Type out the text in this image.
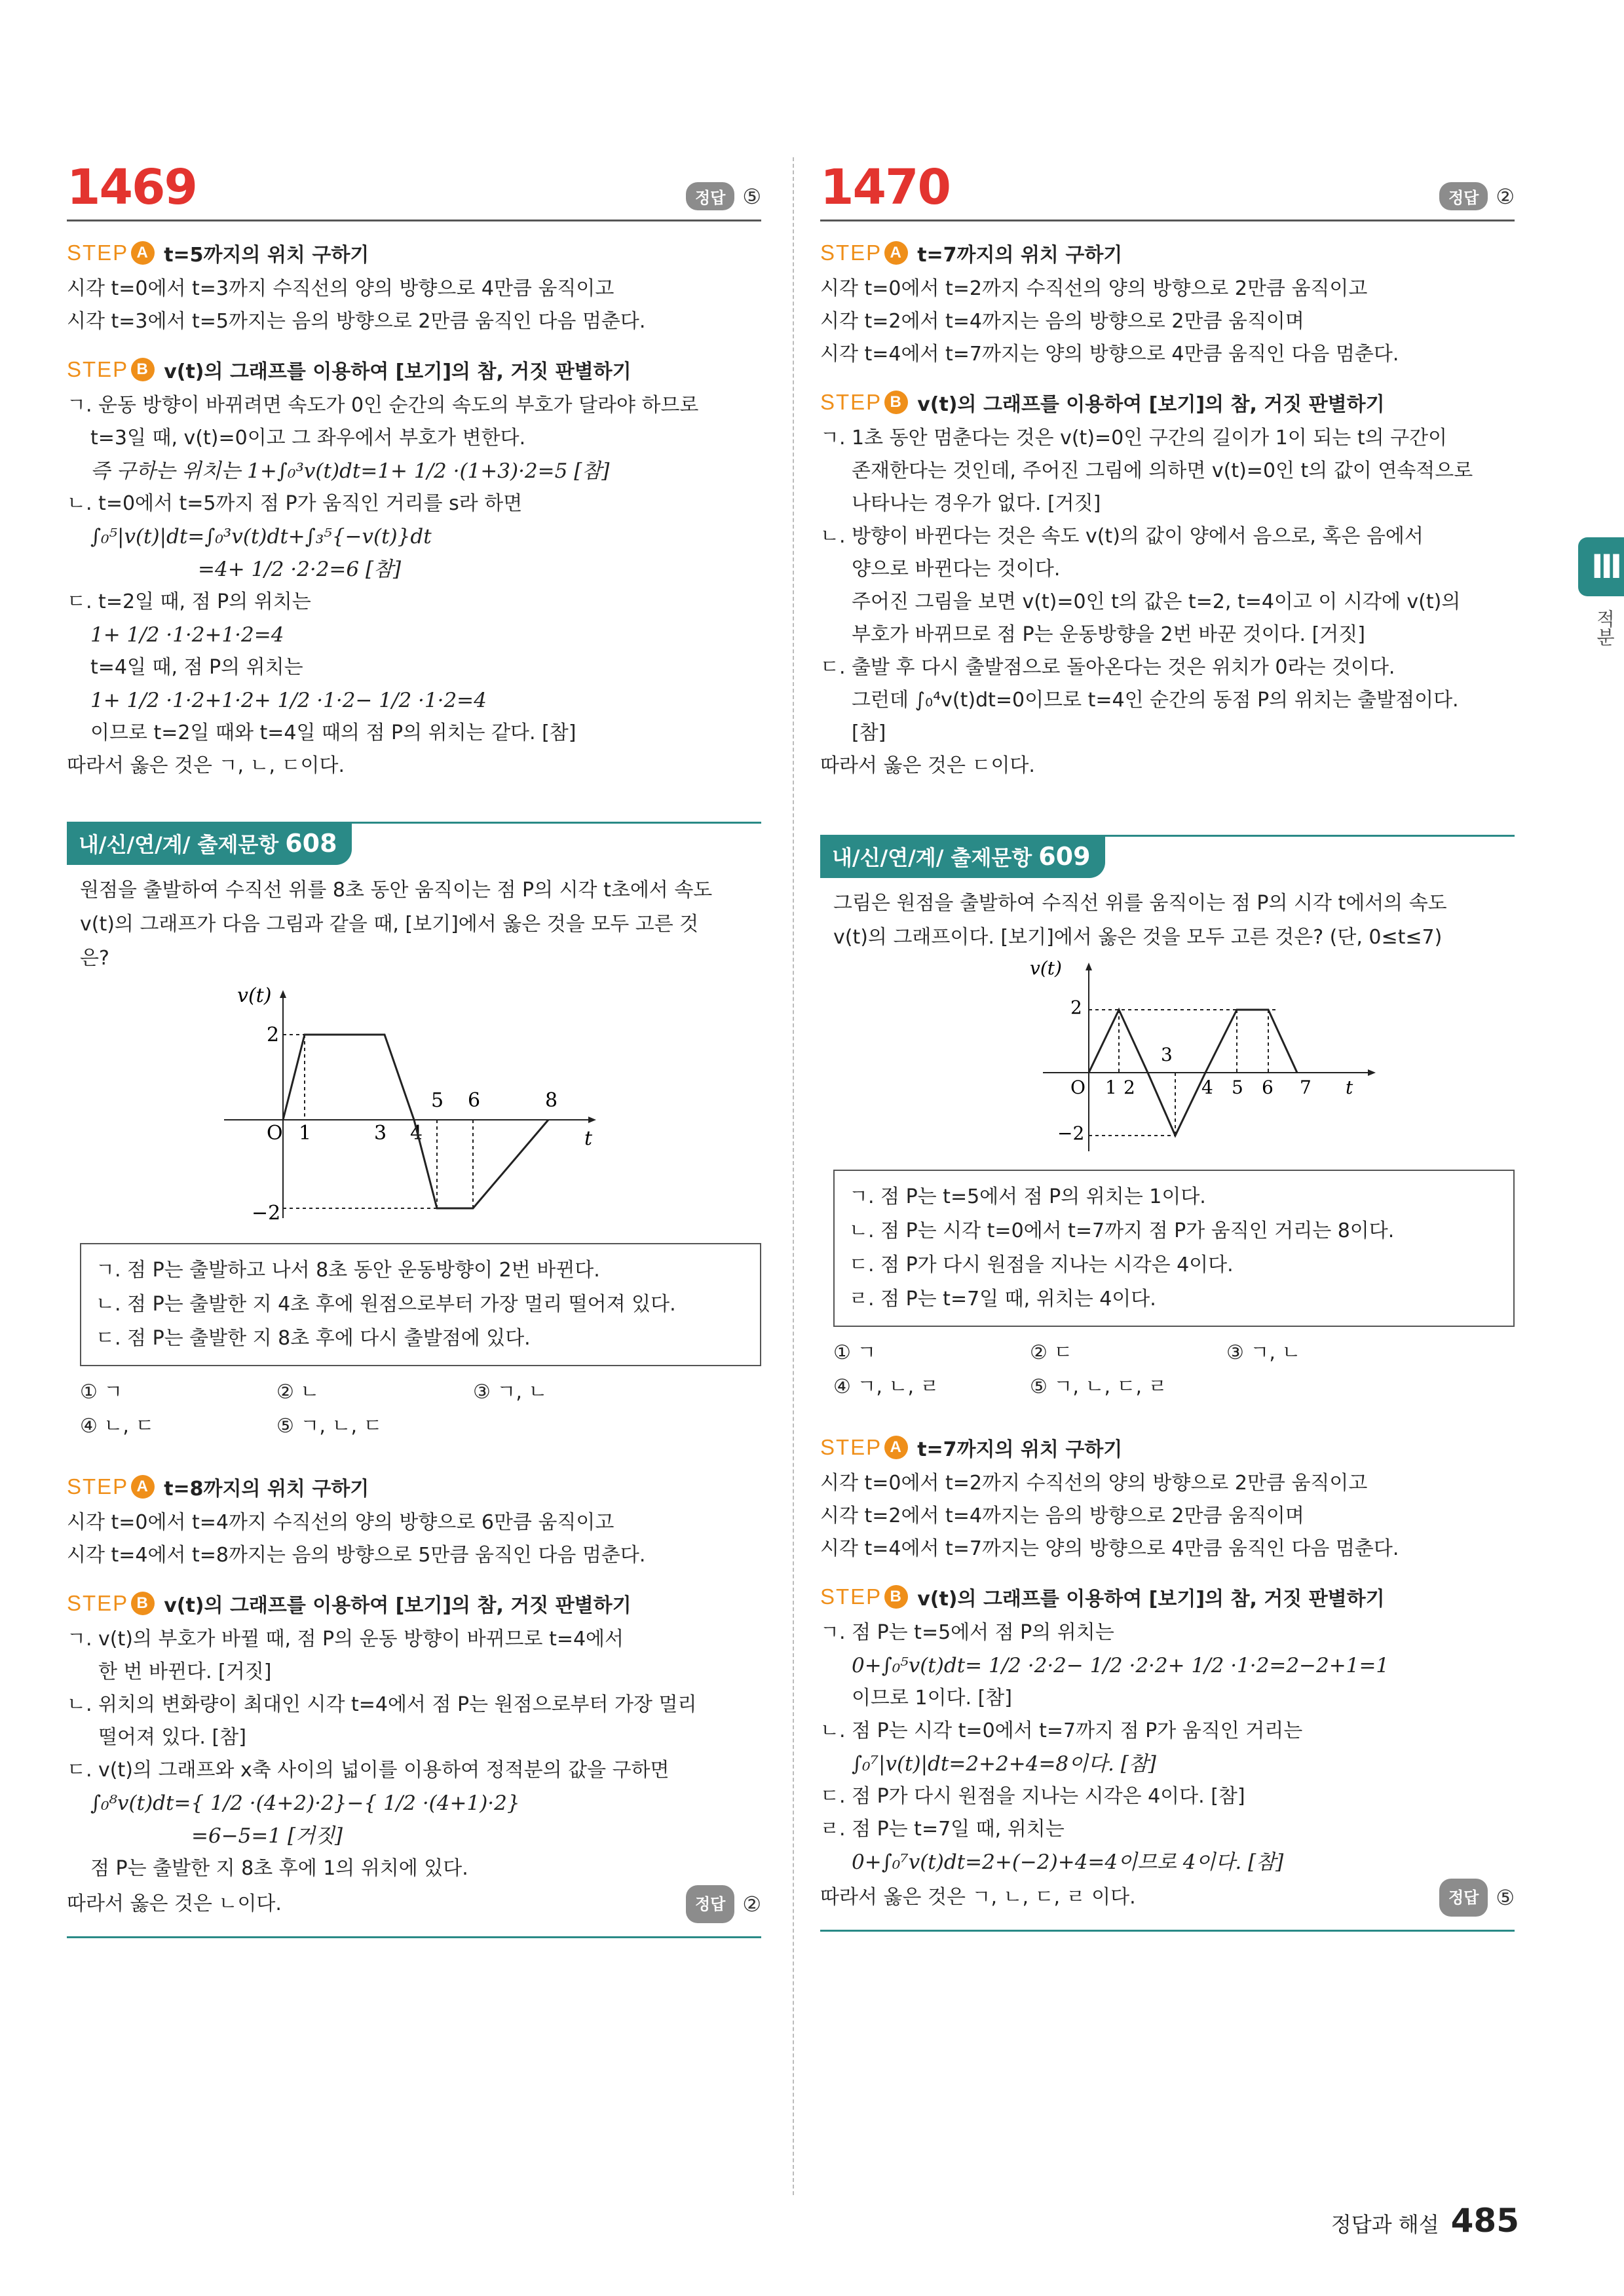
1469	정답 ⑤
STEP A t=5까지의 위치 구하기
시각 t=0에서 t=3까지 수직선의 양의 방향으로 4만큼 움직이고
시각 t=3에서 t=5까지는 음의 방향으로 2만큼 움직인 다음 멈춘다.
STEP B v(t)의 그래프를 이용하여 [보기]의 참, 거짓 판별하기
ㄱ. 운동 방향이 바뀌려면 속도가 0인 순간의 속도의 부호가 달라야 하므로
t=3일 때, v(t)=0이고 그 좌우에서 부호가 변한다.
즉 구하는 위치는 1+∫₀³v(t)dt=1+ 1/2 ·(1+3)·2=5 [참]
ㄴ. t=0에서 t=5까지 점 P가 움직인 거리를 s라 하면
∫₀⁵|v(t)|dt=∫₀³v(t)dt+∫₃⁵{−v(t)}dt
=4+ 1/2 ·2·2=6 [참]
ㄷ. t=2일 때, 점 P의 위치는
1+ 1/2 ·1·2+1·2=4
t=4일 때, 점 P의 위치는
1+ 1/2 ·1·2+1·2+ 1/2 ·1·2− 1/2 ·1·2=4
이므로 t=2일 때와 t=4일 때의 점 P의 위치는 같다. [참]
따라서 옳은 것은 ㄱ, ㄴ, ㄷ이다.
내/신/연/계/ 출제문항 608
원점을 출발하여 수직선 위를 8초 동안 움직이는 점 P의 시각 t초에서 속도
v(t)의 그래프가 다음 그림과 같을 때, [보기]에서 옳은 것을 모두 고른 것
은?
v(t)
t
O
2
−2
1	3 4
5 6	8
ㄱ. 점 P는 출발하고 나서 8초 동안 운동방향이 2번 바뀐다.
ㄴ. 점 P는 출발한 지 4초 후에 원점으로부터 가장 멀리 떨어져 있다.
ㄷ. 점 P는 출발한 지 8초 후에 다시 출발점에 있다.
① ㄱ	② ㄴ	③ ㄱ, ㄴ
④ ㄴ, ㄷ	⑤ ㄱ, ㄴ, ㄷ
STEP A t=8까지의 위치 구하기
시각 t=0에서 t=4까지 수직선의 양의 방향으로 6만큼 움직이고
시각 t=4에서 t=8까지는 음의 방향으로 5만큼 움직인 다음 멈춘다.
STEP B v(t)의 그래프를 이용하여 [보기]의 참, 거짓 판별하기
ㄱ. v(t)의 부호가 바뀔 때, 점 P의 운동 방향이 바뀌므로 t=4에서
한 번 바뀐다. [거짓]
ㄴ. 위치의 변화량이 최대인 시각 t=4에서 점 P는 원점으로부터 가장 멀리
떨어져 있다. [참]
ㄷ. v(t)의 그래프와 x축 사이의 넓이를 이용하여 정적분의 값을 구하면
∫₀⁸v(t)dt={ 1/2 ·(4+2)·2}−{ 1/2 ·(4+1)·2}
=6−5=1 [거짓]
점 P는 출발한 지 8초 후에 1의 위치에 있다.
따라서 옳은 것은 ㄴ이다.	정답 ②
1470	정답 ②
STEP A t=7까지의 위치 구하기
시각 t=0에서 t=2까지 수직선의 양의 방향으로 2만큼 움직이고
시각 t=2에서 t=4까지는 음의 방향으로 2만큼 움직이며
시각 t=4에서 t=7까지는 양의 방향으로 4만큼 움직인 다음 멈춘다.
STEP B v(t)의 그래프를 이용하여 [보기]의 참, 거짓 판별하기
ㄱ. 1초 동안 멈춘다는 것은 v(t)=0인 구간의 길이가 1이 되는 t의 구간이
존재한다는 것인데, 주어진 그림에 의하면 v(t)=0인 t의 값이 연속적으로
나타나는 경우가 없다. [거짓]
ㄴ. 방향이 바뀐다는 것은 속도 v(t)의 값이 양에서 음으로, 혹은 음에서
양으로 바뀐다는 것이다.
주어진 그림을 보면 v(t)=0인 t의 값은 t=2, t=4이고 이 시각에 v(t)의
부호가 바뀌므로 점 P는 운동방향을 2번 바꾼 것이다. [거짓]
ㄷ. 출발 후 다시 출발점으로 돌아온다는 것은 위치가 0라는 것이다.
그런데 ∫₀⁴v(t)dt=0이므로 t=4인 순간의 동점 P의 위치는 출발점이다.
[참]
따라서 옳은 것은 ㄷ이다.
내/신/연/계/ 출제문항 609
그림은 원점을 출발하여 수직선 위를 움직이는 점 P의 시각 t에서의 속도
v(t)의 그래프이다. [보기]에서 옳은 것을 모두 고른 것은? (단, 0≤t≤7)
v(t)
t
O
2
−2
1 2
3
4 5 6 7
ㄱ. 점 P는 t=5에서 점 P의 위치는 1이다.
ㄴ. 점 P는 시각 t=0에서 t=7까지 점 P가 움직인 거리는 8이다.
ㄷ. 점 P가 다시 원점을 지나는 시각은 4이다.
ㄹ. 점 P는 t=7일 때, 위치는 4이다.
① ㄱ	② ㄷ	③ ㄱ, ㄴ
④ ㄱ, ㄴ, ㄹ	⑤ ㄱ, ㄴ, ㄷ, ㄹ
STEP A t=7까지의 위치 구하기
시각 t=0에서 t=2까지 수직선의 양의 방향으로 2만큼 움직이고
시각 t=2에서 t=4까지는 음의 방향으로 2만큼 움직이며
시각 t=4에서 t=7까지는 양의 방향으로 4만큼 움직인 다음 멈춘다.
STEP B v(t)의 그래프를 이용하여 [보기]의 참, 거짓 판별하기
ㄱ. 점 P는 t=5에서 점 P의 위치는
0+∫₀⁵v(t)dt= 1/2 ·2·2− 1/2 ·2·2+ 1/2 ·1·2=2−2+1=1
이므로 1이다. [참]
ㄴ. 점 P는 시각 t=0에서 t=7까지 점 P가 움직인 거리는
∫₀⁷|v(t)|dt=2+2+4=8이다. [참]
ㄷ. 점 P가 다시 원점을 지나는 시각은 4이다. [참]
ㄹ. 점 P는 t=7일 때, 위치는
0+∫₀⁷v(t)dt=2+(−2)+4=4이므로 4이다. [참]
따라서 옳은 것은 ㄱ, ㄴ, ㄷ, ㄹ 이다.	정답 ⑤
Ⅲ
적분
정답과 해설 485
